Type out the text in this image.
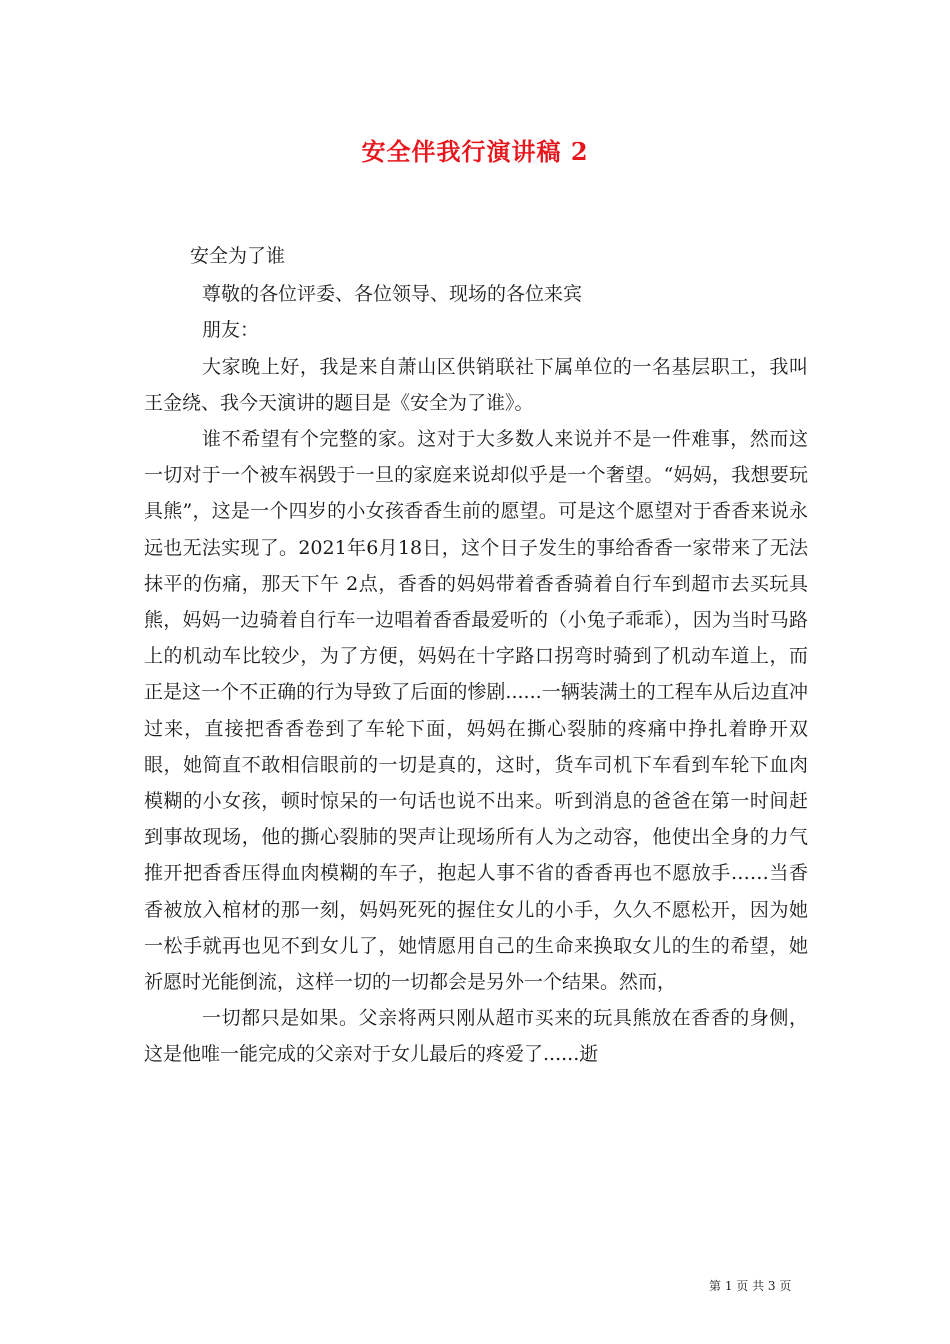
安全伴我行演讲稿 2

安全为了谁

尊敬的各位评委、各位领导、现场的各位来宾

朋友：

大家晚上好，我是来自萧山区供销联社下属单位的一名基层职工，我叫王金绕、我今天演讲的题目是《安全为了谁》。

谁不希望有个完整的家。这对于大多数人来说并不是一件难事，然而这一切对于一个被车祸毁于一旦的家庭来说却似乎是一个奢望。“妈妈，我想要玩具熊”，这是一个四岁的小女孩香香生前的愿望。可是这个愿望对于香香来说永远也无法实现了。2021年6月18日，这个日子发生的事给香香一家带来了无法抹平的伤痛，那天下午 2点，香香的妈妈带着香香骑着自行车到超市去买玩具熊，妈妈一边骑着自行车一边唱着香香最爱听的（小兔子乖乖），因为当时马路上的机动车比较少，为了方便，妈妈在十字路口拐弯时骑到了机动车道上，而正是这一个不正确的行为导致了后面的惨剧......一辆装满土的工程车从后边直冲过来，直接把香香卷到了车轮下面，妈妈在撕心裂肺的疼痛中挣扎着睁开双眼，她简直不敢相信眼前的一切是真的，这时，货车司机下车看到车轮下血肉模糊的小女孩，顿时惊呆的一句话也说不出来。听到消息的爸爸在第一时间赶到事故现场，他的撕心裂肺的哭声让现场所有人为之动容，他使出全身的力气推开把香香压得血肉模糊的车子，抱起人事不省的香香再也不愿放手……当香香被放入棺材的那一刻，妈妈死死的握住女儿的小手，久久不愿松开，因为她一松手就再也见不到女儿了，她情愿用自己的生命来换取女儿的生的希望，她祈愿时光能倒流，这样一切的一切都会是另外一个结果。然而，

一切都只是如果。父亲将两只刚从超市买来的玩具熊放在香香的身侧，这是他唯一能完成的父亲对于女儿最后的疼爱了......逝

第 1 页 共 3 页
